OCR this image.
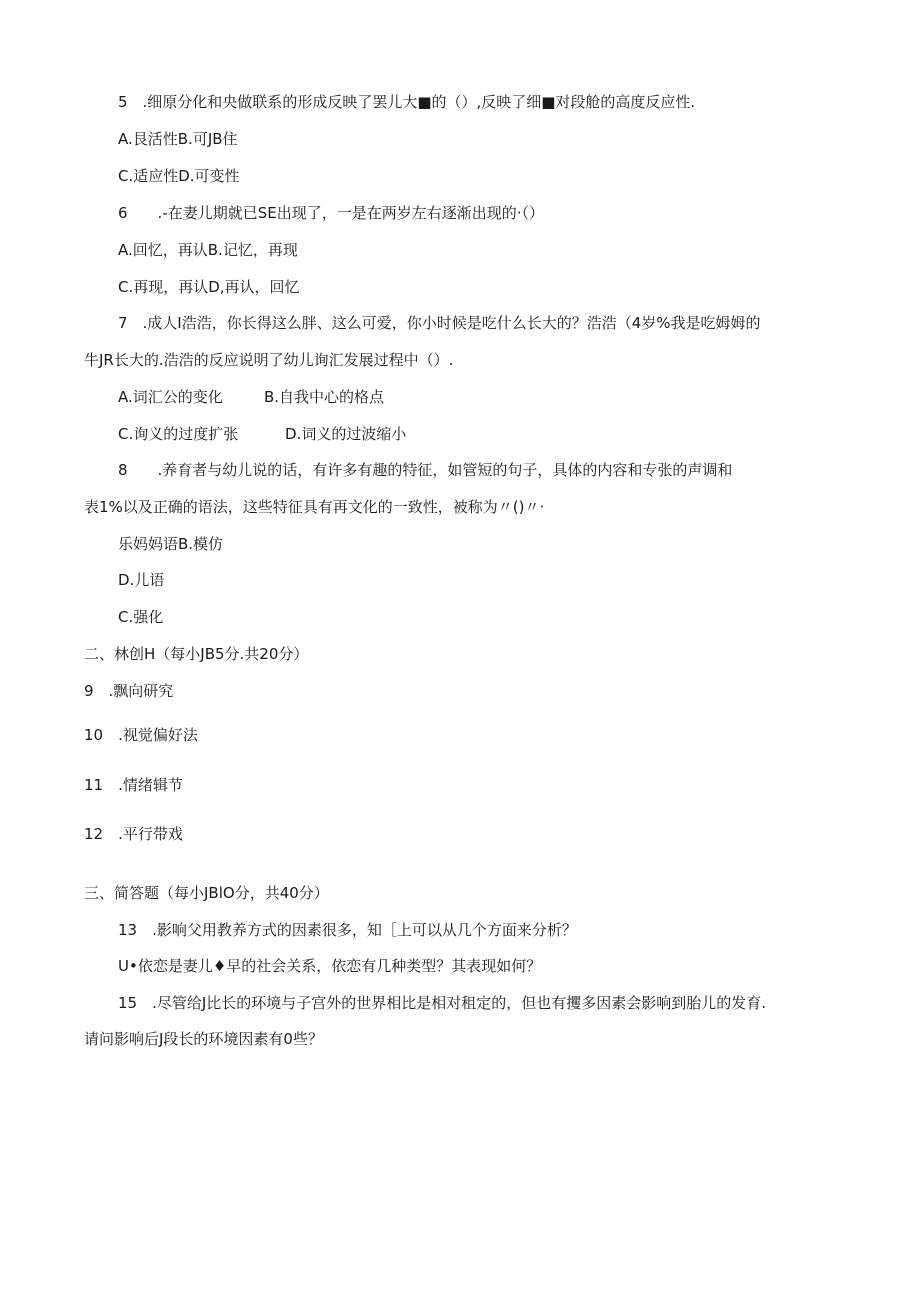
5　.细原分化和央做联系的形成反映了罢儿大■的（）,反映了细■对段舱的高度反应性.
A.艮活性B.可JB住
C.适应性D.可变性
6　　.-在妻儿期就已SE出现了，一是在两岁左右逐渐出现的·（）
A.回忆，再认B.记忆，再现
C.再现，再认D,再认，回忆
7　.成人I浩浩，你长得这么胖、这么可爱，你小时候是吃什么长大的？浩浩（4岁%我是吃姆姆的
牛JR长大的.浩浩的反应说明了幼儿询汇发展过程中（）.
A.词汇公的变化	B.自我中心的格点
C.询义的过度扩张	D.词义的过波缩小
8　　.养育者与幼儿说的话，有许多有趣的特征，如管短的句子，具体的内容和专张的声调和
表1%以及正确的语法，这些特征具有再文化的一致性，被称为〃()〃·
乐妈妈语B.模仿
D.儿语
C.强化
二、林创H（每小JB5分.共20分）
9　.飘向研究
10　.视觉偏好法
11　.情绪辑节
12　.平行带戏
三、简答题（每小JBlO分，共40分）
13　.影响父用教养方式的因素很多，知［上可以从几个方面来分析？
U•依恋是妻儿♦早的社会关系，依恋有几种类型？其表现如何？
15　.尽管给J比长的环境与子宫外的世界相比是相对租定的，但也有攫多因素会影响到胎儿的发育.
请问影响后J段长的环境因素有0些？
